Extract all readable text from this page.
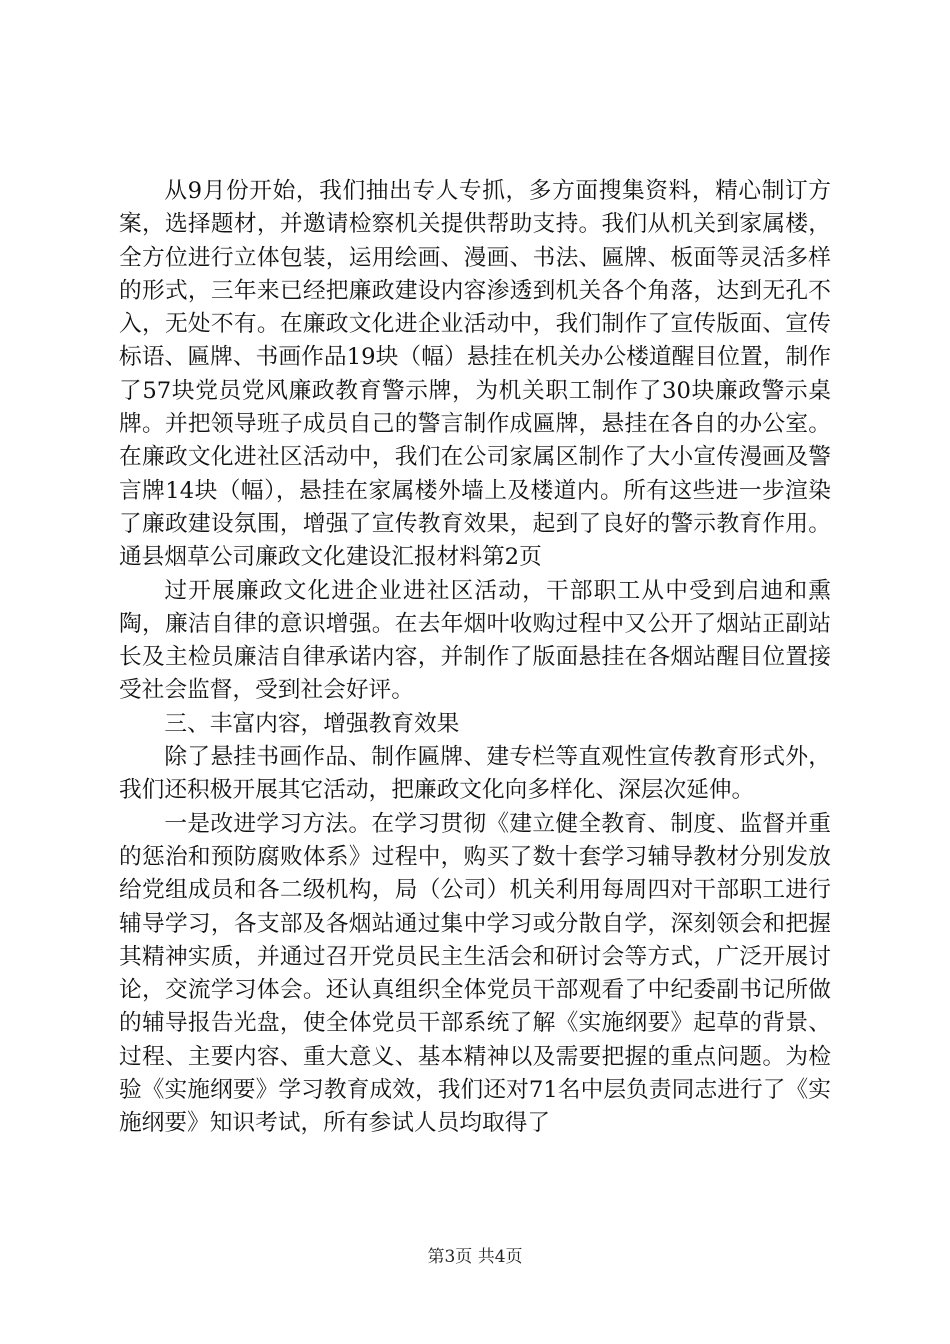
从9月份开始，我们抽出专人专抓，多方面搜集资料，精心制订方案，选择题材，并邀请检察机关提供帮助支持。我们从机关到家属楼，全方位进行立体包装，运用绘画、漫画、书法、匾牌、板面等灵活多样的形式，三年来已经把廉政建设内容渗透到机关各个角落，达到无孔不入，无处不有。在廉政文化进企业活动中，我们制作了宣传版面、宣传标语、匾牌、书画作品19块（幅）悬挂在机关办公楼道醒目位置，制作了57块党员党风廉政教育警示牌，为机关职工制作了30块廉政警示桌牌。并把领导班子成员自己的警言制作成匾牌，悬挂在各自的办公室。在廉政文化进社区活动中，我们在公司家属区制作了大小宣传漫画及警言牌14块（幅），悬挂在家属楼外墙上及楼道内。所有这些进一步渲染了廉政建设氛围，增强了宣传教育效果，起到了良好的警示教育作用。通县烟草公司廉政文化建设汇报材料第2页

过开展廉政文化进企业进社区活动，干部职工从中受到启迪和熏陶，廉洁自律的意识增强。在去年烟叶收购过程中又公开了烟站正副站长及主检员廉洁自律承诺内容，并制作了版面悬挂在各烟站醒目位置接受社会监督，受到社会好评。

三、丰富内容，增强教育效果

除了悬挂书画作品、制作匾牌、建专栏等直观性宣传教育形式外，我们还积极开展其它活动，把廉政文化向多样化、深层次延伸。

一是改进学习方法。在学习贯彻《建立健全教育、制度、监督并重的惩治和预防腐败体系》过程中，购买了数十套学习辅导教材分别发放给党组成员和各二级机构，局（公司）机关利用每周四对干部职工进行辅导学习，各支部及各烟站通过集中学习或分散自学，深刻领会和把握其精神实质，并通过召开党员民主生活会和研讨会等方式，广泛开展讨论，交流学习体会。还认真组织全体党员干部观看了中纪委副书记所做的辅导报告光盘，使全体党员干部系统了解《实施纲要》起草的背景、过程、主要内容、重大意义、基本精神以及需要把握的重点问题。为检验《实施纲要》学习教育成效，我们还对71名中层负责同志进行了《实施纲要》知识考试，所有参试人员均取得了

第3页 共4页
